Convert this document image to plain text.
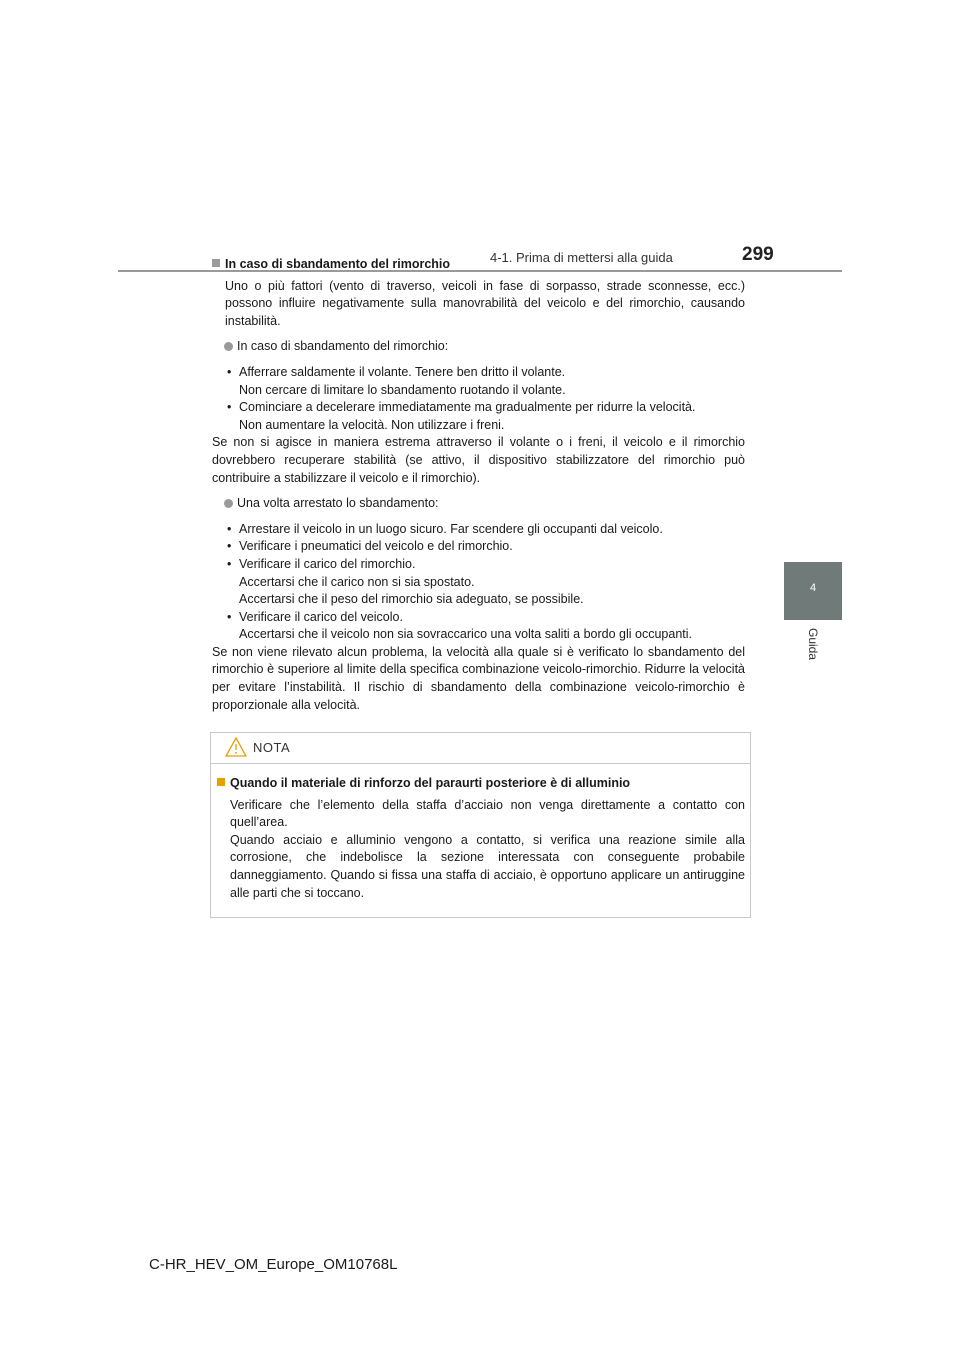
4-1. Prima di mettersi alla guida	299
4
Guida

In caso di sbandamento del rimorchio

Uno o più fattori (vento di traverso, veicoli in fase di sorpasso, strade sconnesse, ecc.) possono influire negativamente sulla manovrabilità del veicolo e del rimorchio, causando instabilità.

In caso di sbandamento del rimorchio:

• Afferrare saldamente il volante. Tenere ben dritto il volante.
Non cercare di limitare lo sbandamento ruotando il volante.
• Cominciare a decelerare immediatamente ma gradualmente per ridurre la velocità.
Non aumentare la velocità. Non utilizzare i freni.

Se non si agisce in maniera estrema attraverso il volante o i freni, il veicolo e il rimorchio dovrebbero recuperare stabilità (se attivo, il dispositivo stabilizzatore del rimorchio può contribuire a stabilizzare il veicolo e il rimorchio).

Una volta arrestato lo sbandamento:

• Arrestare il veicolo in un luogo sicuro. Far scendere gli occupanti dal veicolo.
• Verificare i pneumatici del veicolo e del rimorchio.
• Verificare il carico del rimorchio.
Accertarsi che il carico non si sia spostato.
Accertarsi che il peso del rimorchio sia adeguato, se possibile.
• Verificare il carico del veicolo.
Accertarsi che il veicolo non sia sovraccarico una volta saliti a bordo gli occupanti.

Se non viene rilevato alcun problema, la velocità alla quale si è verificato lo sbandamento del rimorchio è superiore al limite della specifica combinazione veicolo-rimorchio. Ridurre la velocità per evitare l’instabilità. Il rischio di sbandamento della combinazione veicolo-rimorchio è proporzionale alla velocità.

NOTA

Quando il materiale di rinforzo del paraurti posteriore è di alluminio

Verificare che l’elemento della staffa d’acciaio non venga direttamente a contatto con quell’area.

Quando acciaio e alluminio vengono a contatto, si verifica una reazione simile alla corrosione, che indebolisce la sezione interessata con conseguente probabile danneggiamento. Quando si fissa una staffa di acciaio, è opportuno applicare un antiruggine alle parti che si toccano.

C-HR_HEV_OM_Europe_OM10768L
